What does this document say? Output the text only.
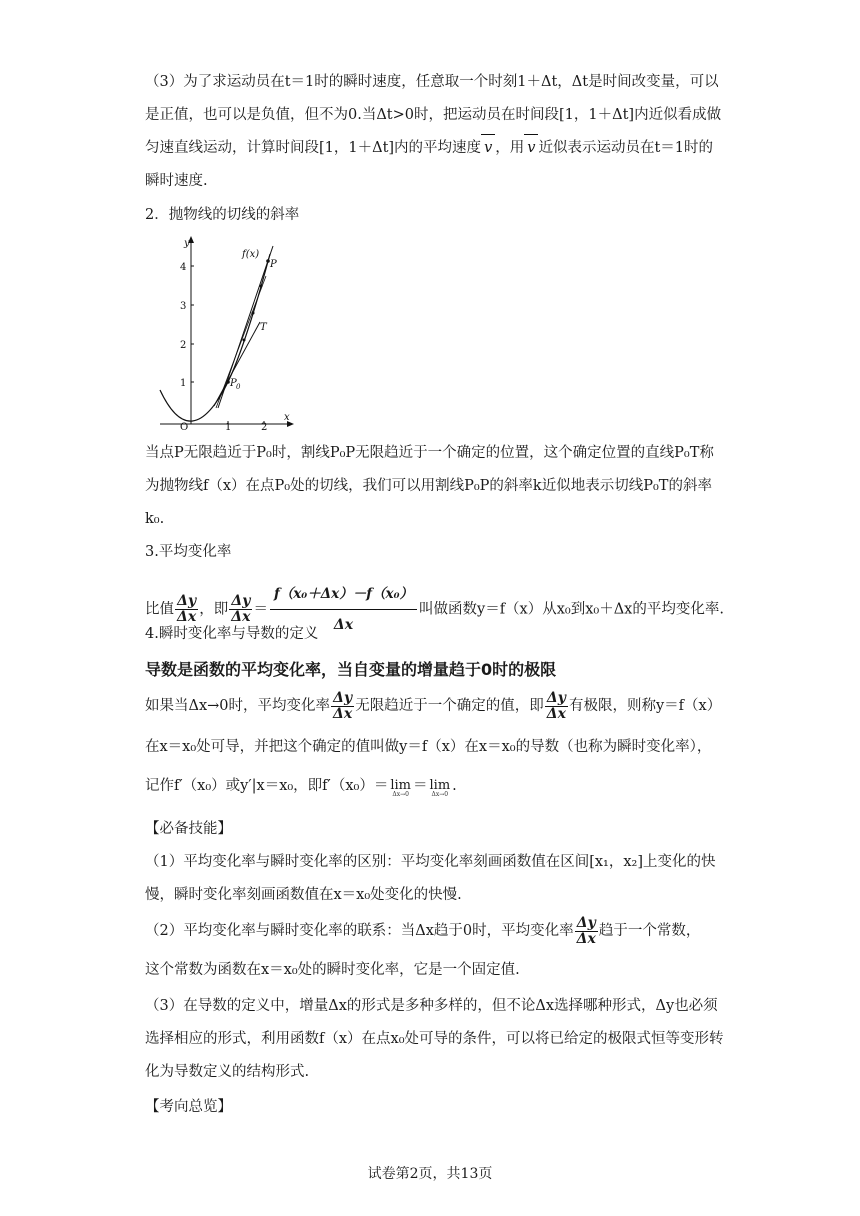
（3）为了求运动员在t＝1时的瞬时速度，任意取一个时刻1＋Δt，Δt是时间改变量，可以是正值，也可以是负值，但不为0.当Δt>0时，把运动员在时间段[1，1＋Δt]内近似看成做匀速直线运动，计算时间段[1，1＋Δt]内的平均速度 v ，用 v 近似表示运动员在t＝1时的瞬时速度.
2．抛物线的切线的斜率
y
x
O
4
3
2
1
1	2
f(x)
P
T
P 0
当点P无限趋近于P₀时，割线P₀P无限趋近于一个确定的位置，这个确定位置的直线P₀T称为抛物线f（x）在点P₀处的切线，我们可以用割线P₀P的斜率k近似地表示切线P₀T的斜率k₀.
3.平均变化率
比值 $\frac{\Delta y}{\Delta x}$ ，即 $\frac{\Delta y}{\Delta x} = \frac{\text{f（x₀＋Δx）－f（x₀）}}{\Delta x}$ 叫做函数y＝f（x）从x₀到x₀＋Δx的平均变化率.
4.瞬时变化率与导数的定义
导数是函数的平均变化率，当自变量的增量趋于0时的极限
如果当Δx→0时，平均变化率 $\frac{\Delta y}{\Delta x}$ 无限趋近于一个确定的值，即 $\frac{\Delta y}{\Delta x}$ 有极限，则称y＝f（x）
在x＝x₀处可导，并把这个确定的值叫做y＝f（x）在x＝x₀的导数（也称为瞬时变化率），
记作f′（x₀）或y′|x＝x₀，即f′（x₀）＝ lim
Δx→0
＝ lim
Δx→0
.
【必备技能】
（1）平均变化率与瞬时变化率的区别：平均变化率刻画函数值在区间[x₁，x₂]上变化的快慢，瞬时变化率刻画函数值在x＝x₀处变化的快慢.
（2）平均变化率与瞬时变化率的联系：当Δx趋于0时，平均变化率 $\frac{\Delta y}{\Delta x}$ 趋于一个常数，
这个常数为函数在x＝x₀处的瞬时变化率，它是一个固定值.
（3）在导数的定义中，增量Δx的形式是多种多样的，但不论Δx选择哪种形式，Δy也必须选择相应的形式，利用函数f（x）在点x₀处可导的条件，可以将已给定的极限式恒等变形转化为导数定义的结构形式.
【考向总览】
试卷第2页，共13页
